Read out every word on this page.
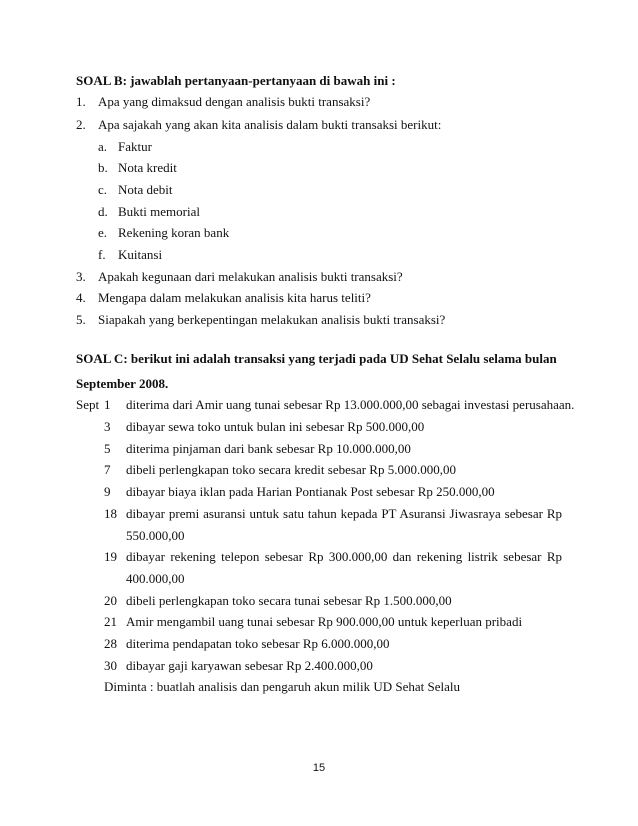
SOAL B: jawablah pertanyaan-pertanyaan di bawah ini :
1. Apa yang dimaksud dengan analisis bukti transaksi?
2. Apa sajakah yang akan kita analisis dalam bukti transaksi berikut:
a. Faktur
b. Nota kredit
c. Nota debit
d. Bukti memorial
e. Rekening koran bank
f. Kuitansi
3. Apakah kegunaan dari melakukan analisis bukti transaksi?
4. Mengapa dalam melakukan analisis kita harus teliti?
5. Siapakah yang berkepentingan melakukan analisis bukti transaksi?
SOAL C: berikut ini adalah transaksi yang terjadi pada UD Sehat Selalu selama bulan
September 2008.
Sept 1 diterima dari Amir uang tunai sebesar Rp 13.000.000,00 sebagai investasi perusahaan.
3 dibayar sewa toko untuk bulan ini sebesar Rp 500.000,00
5 diterima pinjaman dari bank sebesar Rp 10.000.000,00
7 dibeli perlengkapan toko secara kredit sebesar Rp 5.000.000,00
9 dibayar biaya iklan pada Harian Pontianak Post sebesar Rp 250.000,00
18 dibayar premi asuransi untuk satu tahun kepada PT Asuransi Jiwasraya sebesar Rp
550.000,00
19 dibayar rekening telepon sebesar Rp 300.000,00 dan rekening listrik sebesar Rp
400.000,00
20 dibeli perlengkapan toko secara tunai sebesar Rp 1.500.000,00
21 Amir mengambil uang tunai sebesar Rp 900.000,00 untuk keperluan pribadi
28 diterima pendapatan toko sebesar Rp 6.000.000,00
30 dibayar gaji karyawan sebesar Rp 2.400.000,00
Diminta : buatlah analisis dan pengaruh akun milik UD Sehat Selalu
15
